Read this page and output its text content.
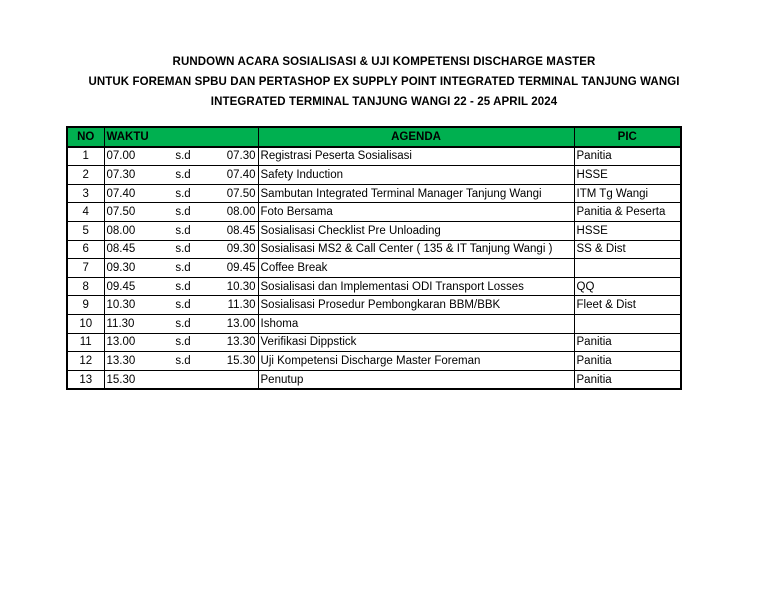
RUNDOWN ACARA SOSIALISASI & UJI KOMPETENSI DISCHARGE MASTER
UNTUK FOREMAN SPBU DAN PERTASHOP EX SUPPLY POINT INTEGRATED TERMINAL TANJUNG WANGI
INTEGRATED TERMINAL TANJUNG WANGI 22 - 25 APRIL 2024
NO	WAKTU			AGENDA	PIC
1	07.00	s.d	07.30	Registrasi Peserta Sosialisasi	Panitia
2	07.30	s.d	07.40	Safety Induction	HSSE
3	07.40	s.d	07.50	Sambutan Integrated Terminal Manager Tanjung Wangi	ITM Tg Wangi
4	07.50	s.d	08.00	Foto Bersama	Panitia & Peserta
5	08.00	s.d	08.45	Sosialisasi Checklist Pre Unloading	HSSE
6	08.45	s.d	09.30	Sosialisasi MS2 & Call Center ( 135 & IT Tanjung Wangi )	SS & Dist
7	09.30	s.d	09.45	Coffee Break	
8	09.45	s.d	10.30	Sosialisasi dan Implementasi ODI Transport Losses	QQ
9	10.30	s.d	11.30	Sosialisasi Prosedur Pembongkaran BBM/BBK	Fleet & Dist
10	11.30	s.d	13.00	Ishoma	
11	13.00	s.d	13.30	Verifikasi Dippstick	Panitia
12	13.30	s.d	15.30	Uji Kompetensi Discharge Master Foreman	Panitia
13	15.30			Penutup	Panitia
